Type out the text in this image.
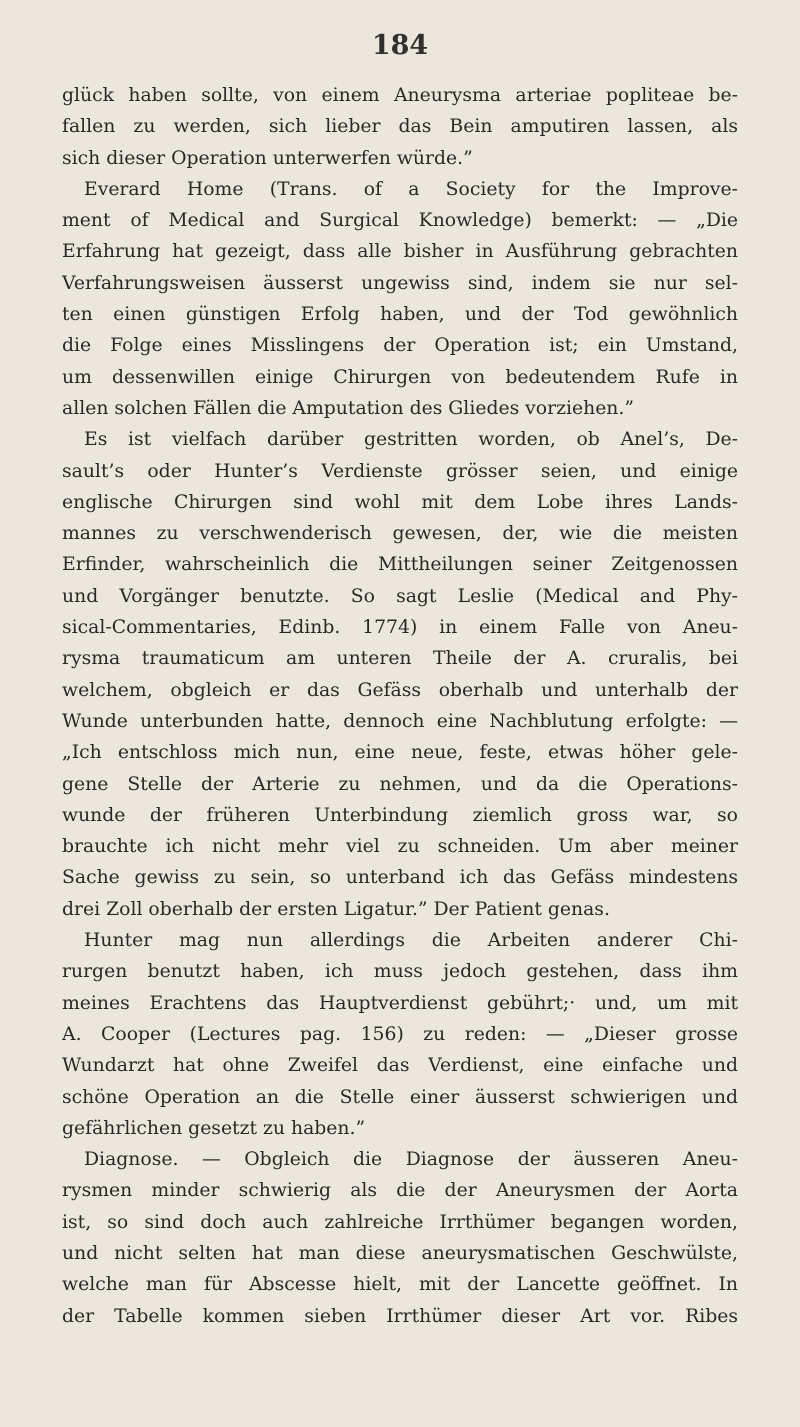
184
glück haben sollte, von einem Aneurysma arteriae popliteae be-
fallen zu werden, sich lieber das Bein amputiren lassen, als
sich dieser Operation unterwerfen würde.”
Everard Home (Trans. of a Society for the Improve-
ment of Medical and Surgical Knowledge) bemerkt: — „Die
Erfahrung hat gezeigt, dass alle bisher in Ausführung gebrachten
Verfahrungsweisen äusserst ungewiss sind, indem sie nur sel-
ten einen günstigen Erfolg haben, und der Tod gewöhnlich
die Folge eines Misslingens der Operation ist; ein Umstand,
um dessenwillen einige Chirurgen von bedeutendem Rufe in
allen solchen Fällen die Amputation des Gliedes vorziehen.”
Es ist vielfach darüber gestritten worden, ob Anel’s, De-
sault’s oder Hunter’s Verdienste grösser seien, und einige
englische Chirurgen sind wohl mit dem Lobe ihres Lands-
mannes zu verschwenderisch gewesen, der, wie die meisten
Erfinder, wahrscheinlich die Mittheilungen seiner Zeitgenossen
und Vorgänger benutzte. So sagt Leslie (Medical and Phy-
sical-Commentaries, Edinb. 1774) in einem Falle von Aneu-
rysma traumaticum am unteren Theile der A. cruralis, bei
welchem, obgleich er das Gefäss oberhalb und unterhalb der
Wunde unterbunden hatte, dennoch eine Nachblutung erfolgte: —
„Ich entschloss mich nun, eine neue, feste, etwas höher gele-
gene Stelle der Arterie zu nehmen, und da die Operations-
wunde der früheren Unterbindung ziemlich gross war, so
brauchte ich nicht mehr viel zu schneiden. Um aber meiner
Sache gewiss zu sein, so unterband ich das Gefäss mindestens
drei Zoll oberhalb der ersten Ligatur.” Der Patient genas.
Hunter mag nun allerdings die Arbeiten anderer Chi-
rurgen benutzt haben, ich muss jedoch gestehen, dass ihm
meines Erachtens das Hauptverdienst gebührt;· und, um mit
A. Cooper (Lectures pag. 156) zu reden: — „Dieser grosse
Wundarzt hat ohne Zweifel das Verdienst, eine einfache und
schöne Operation an die Stelle einer äusserst schwierigen und
gefährlichen gesetzt zu haben.”
Diagnose. — Obgleich die Diagnose der äusseren Aneu-
rysmen minder schwierig als die der Aneurysmen der Aorta
ist, so sind doch auch zahlreiche Irrthümer begangen worden,
und nicht selten hat man diese aneurysmatischen Geschwülste,
welche man für Abscesse hielt, mit der Lancette geöffnet. In
der Tabelle kommen sieben Irrthümer dieser Art vor. Ribes
